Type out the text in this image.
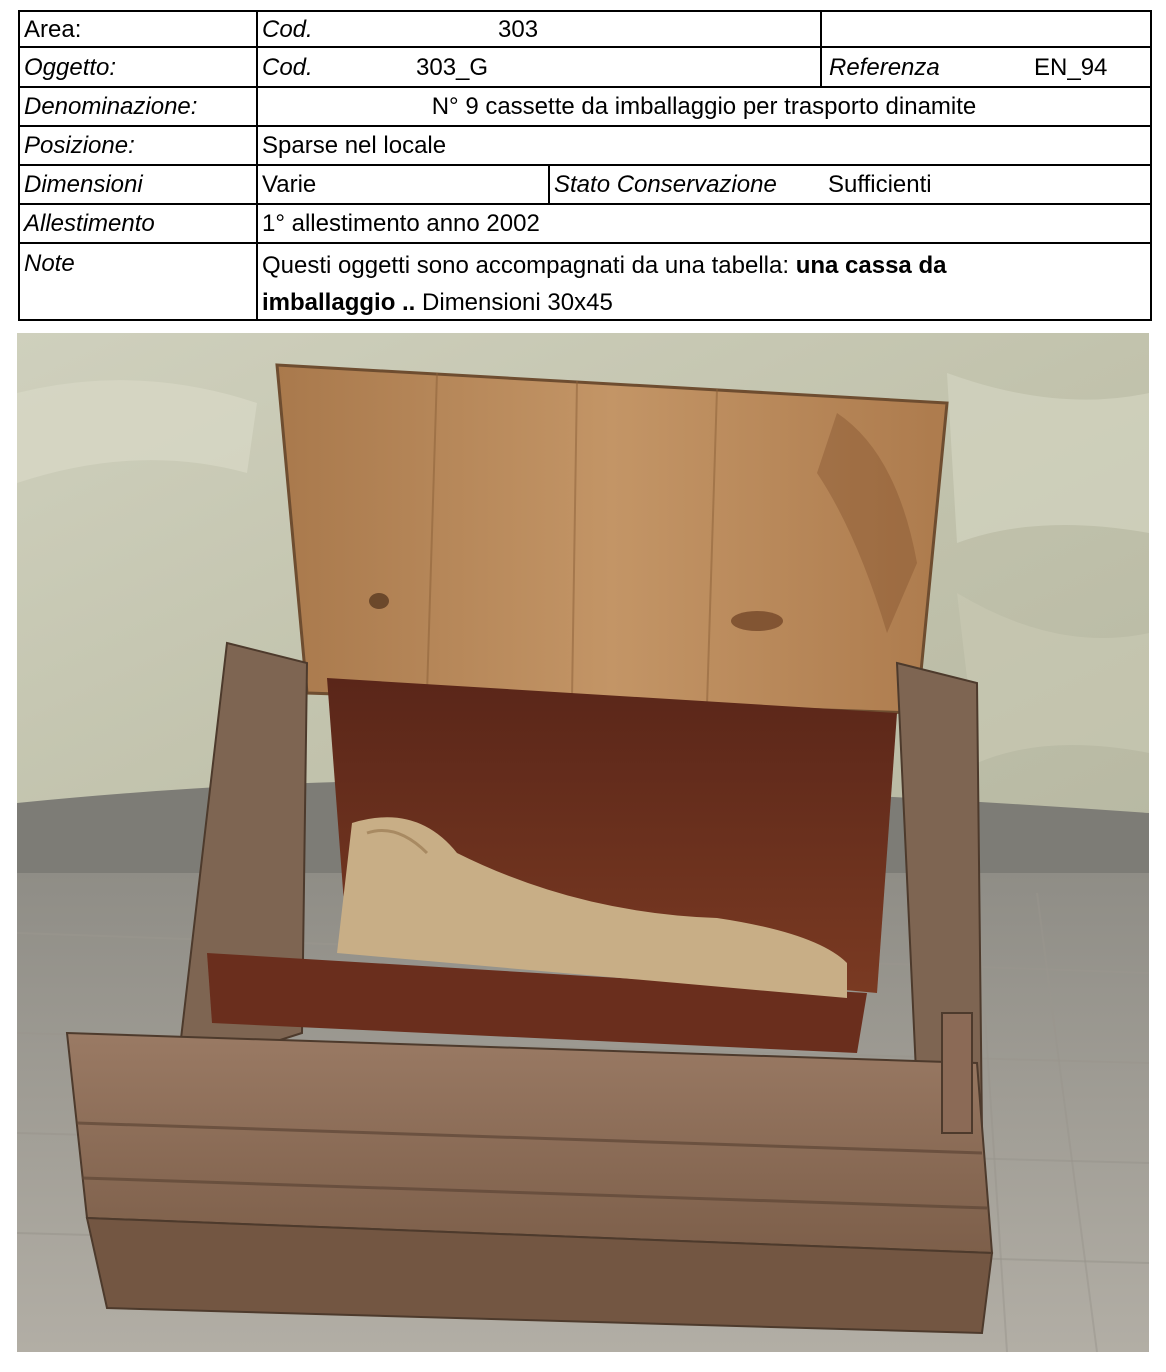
Area:	Cod.	303
Oggetto:	Cod.	303_G	Referenza	EN_94
Denominazione:	N° 9 cassette da imballaggio per trasporto dinamite
Posizione:	Sparse nel locale
Dimensioni	Varie	Stato Conservazione Sufficienti
Allestimento	1° allestimento anno 2002
Note	Questi oggetti sono accompagnati da una tabella: una cassa da
imballaggio .. Dimensioni 30x45
